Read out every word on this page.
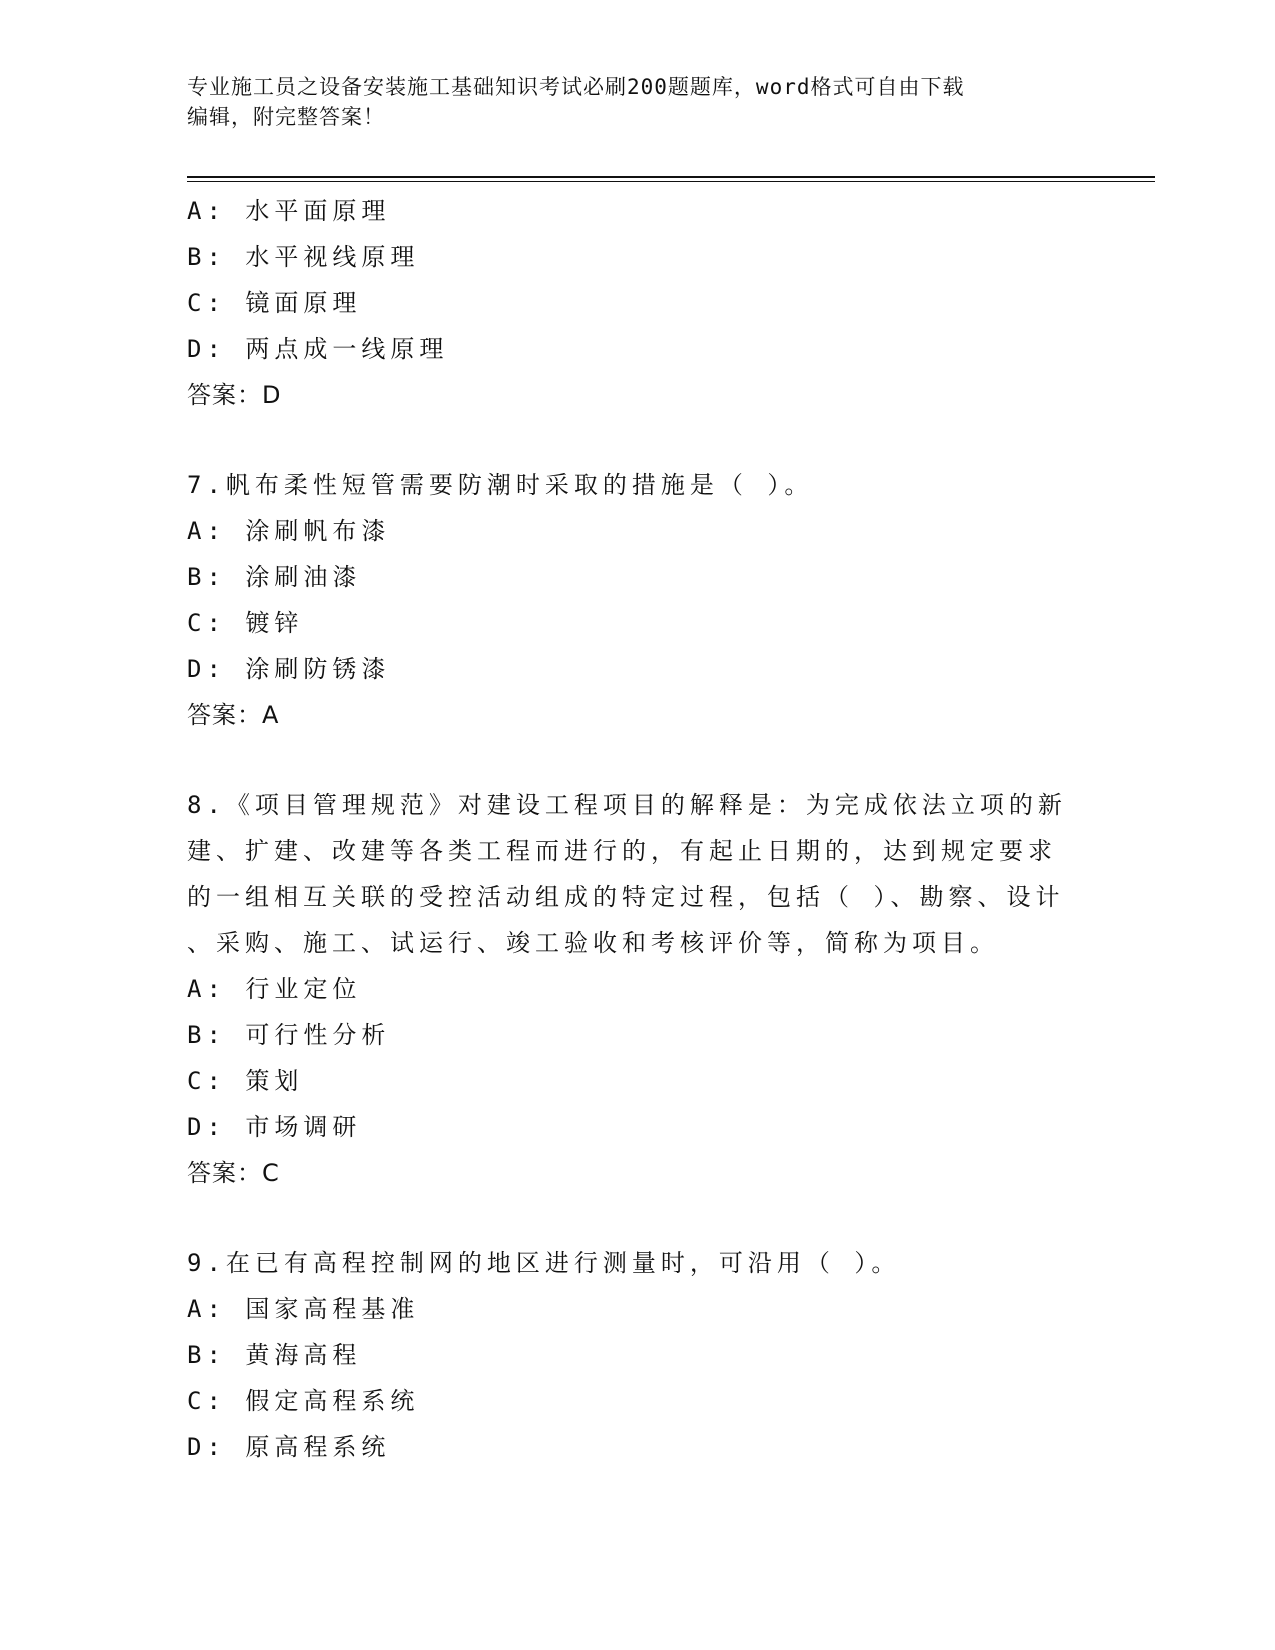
专业施工员之设备安装施工基础知识考试必刷200题题库，word格式可自由下载
编辑，附完整答案！
A: 水平面原理
B: 水平视线原理
C: 镜面原理
D: 两点成一线原理
答案：D
7.帆布柔性短管需要防潮时采取的措施是（ ）。
A: 涂刷帆布漆
B: 涂刷油漆
C: 镀锌
D: 涂刷防锈漆
答案：A
8.《项目管理规范》对建设工程项目的解释是：为完成依法立项的新
建、扩建、改建等各类工程而进行的，有起止日期的，达到规定要求
的一组相互关联的受控活动组成的特定过程，包括（ ）、勘察、设计
、采购、施工、试运行、竣工验收和考核评价等，简称为项目。
A: 行业定位
B: 可行性分析
C: 策划
D: 市场调研
答案：C
9.在已有高程控制网的地区进行测量时，可沿用（ ）。
A: 国家高程基准
B: 黄海高程
C: 假定高程系统
D: 原高程系统
